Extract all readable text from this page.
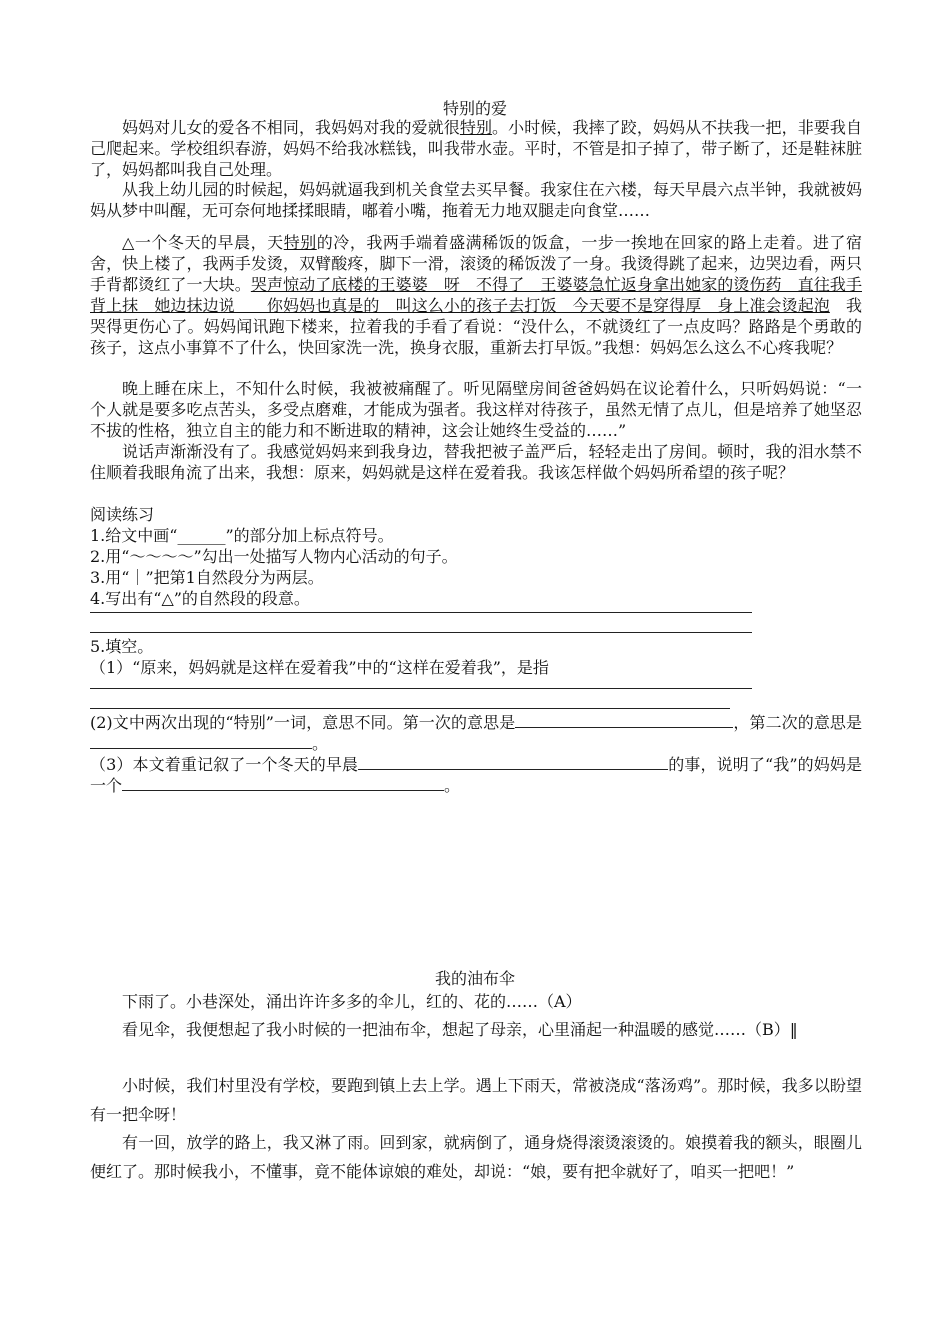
特别的爱
妈妈对儿女的爱各不相同，我妈妈对我的爱就很特别。小时候，我摔了跤，妈妈从不扶我一把，非要我自己爬起来。学校组织春游，妈妈不给我冰糕钱，叫我带水壶。平时，不管是扣子掉了，带子断了，还是鞋袜脏了，妈妈都叫我自己处理。
从我上幼儿园的时候起，妈妈就逼我到机关食堂去买早餐。我家住在六楼，每天早晨六点半钟，我就被妈妈从梦中叫醒，无可奈何地揉揉眼睛，嘟着小嘴，拖着无力地双腿走向食堂……
△一个冬天的早晨，天特别的冷，我两手端着盛满稀饭的饭盒，一步一挨地在回家的路上走着。进了宿舍，快上楼了，我两手发烫，双臂酸疼，脚下一滑，滚烫的稀饭泼了一身。我烫得跳了起来，边哭边看，两只手背都烫红了一大块。哭声惊动了底楼的王婆婆　呀　不得了　王婆婆急忙返身拿出她家的烫伤药　直往我手背上抹　她边抹边说　　你妈妈也真是的　叫这么小的孩子去打饭　今天要不是穿得厚　身上准会烫起泡　我哭得更伤心了。妈妈闻讯跑下楼来，拉着我的手看了看说：“没什么，不就烫红了一点皮吗？路路是个勇敢的孩子，这点小事算不了什么，快回家洗一洗，换身衣服，重新去打早饭。”我想：妈妈怎么这么不心疼我呢？
晚上睡在床上，不知什么时候，我被被痛醒了。听见隔壁房间爸爸妈妈在议论着什么，只听妈妈说：“一个人就是要多吃点苦头，多受点磨难，才能成为强者。我这样对待孩子，虽然无情了点儿，但是培养了她坚忍不拔的性格，独立自主的能力和不断进取的精神，这会让她终生受益的……”
说话声渐渐没有了。我感觉妈妈来到我身边，替我把被子盖严后，轻轻走出了房间。顿时，我的泪水禁不住顺着我眼角流了出来，我想：原来，妈妈就是这样在爱着我。我该怎样做个妈妈所希望的孩子呢？
阅读练习
1.给文中画“______”的部分加上标点符号。
2.用“～～～～”勾出一处描写人物内心活动的句子。
3.用“｜”把第1自然段分为两层。
4.写出有“△”的自然段的段意。
5.填空。
（1）“原来，妈妈就是这样在爱着我”中的“这样在爱着我”，是指
(2)文中两次出现的“特别”一词，意思不同。第一次的意思是	，第二次的意思是。
（3）本文着重记叙了一个冬天的早晨	的事，说明了“我”的妈妈是一个	。
我的油布伞
下雨了。小巷深处，涌出许许多多的伞儿，红的、花的……（A）
看见伞，我便想起了我小时候的一把油布伞，想起了母亲，心里涌起一种温暖的感觉……（B）‖
小时候，我们村里没有学校，要跑到镇上去上学。遇上下雨天，常被浇成“落汤鸡”。那时候，我多以盼望有一把伞呀！
有一回，放学的路上，我又淋了雨。回到家，就病倒了，通身烧得滚烫滚烫的。娘摸着我的额头，眼圈儿便红了。那时候我小，不懂事，竟不能体谅娘的难处，却说：“娘，要有把伞就好了，咱买一把吧！”
